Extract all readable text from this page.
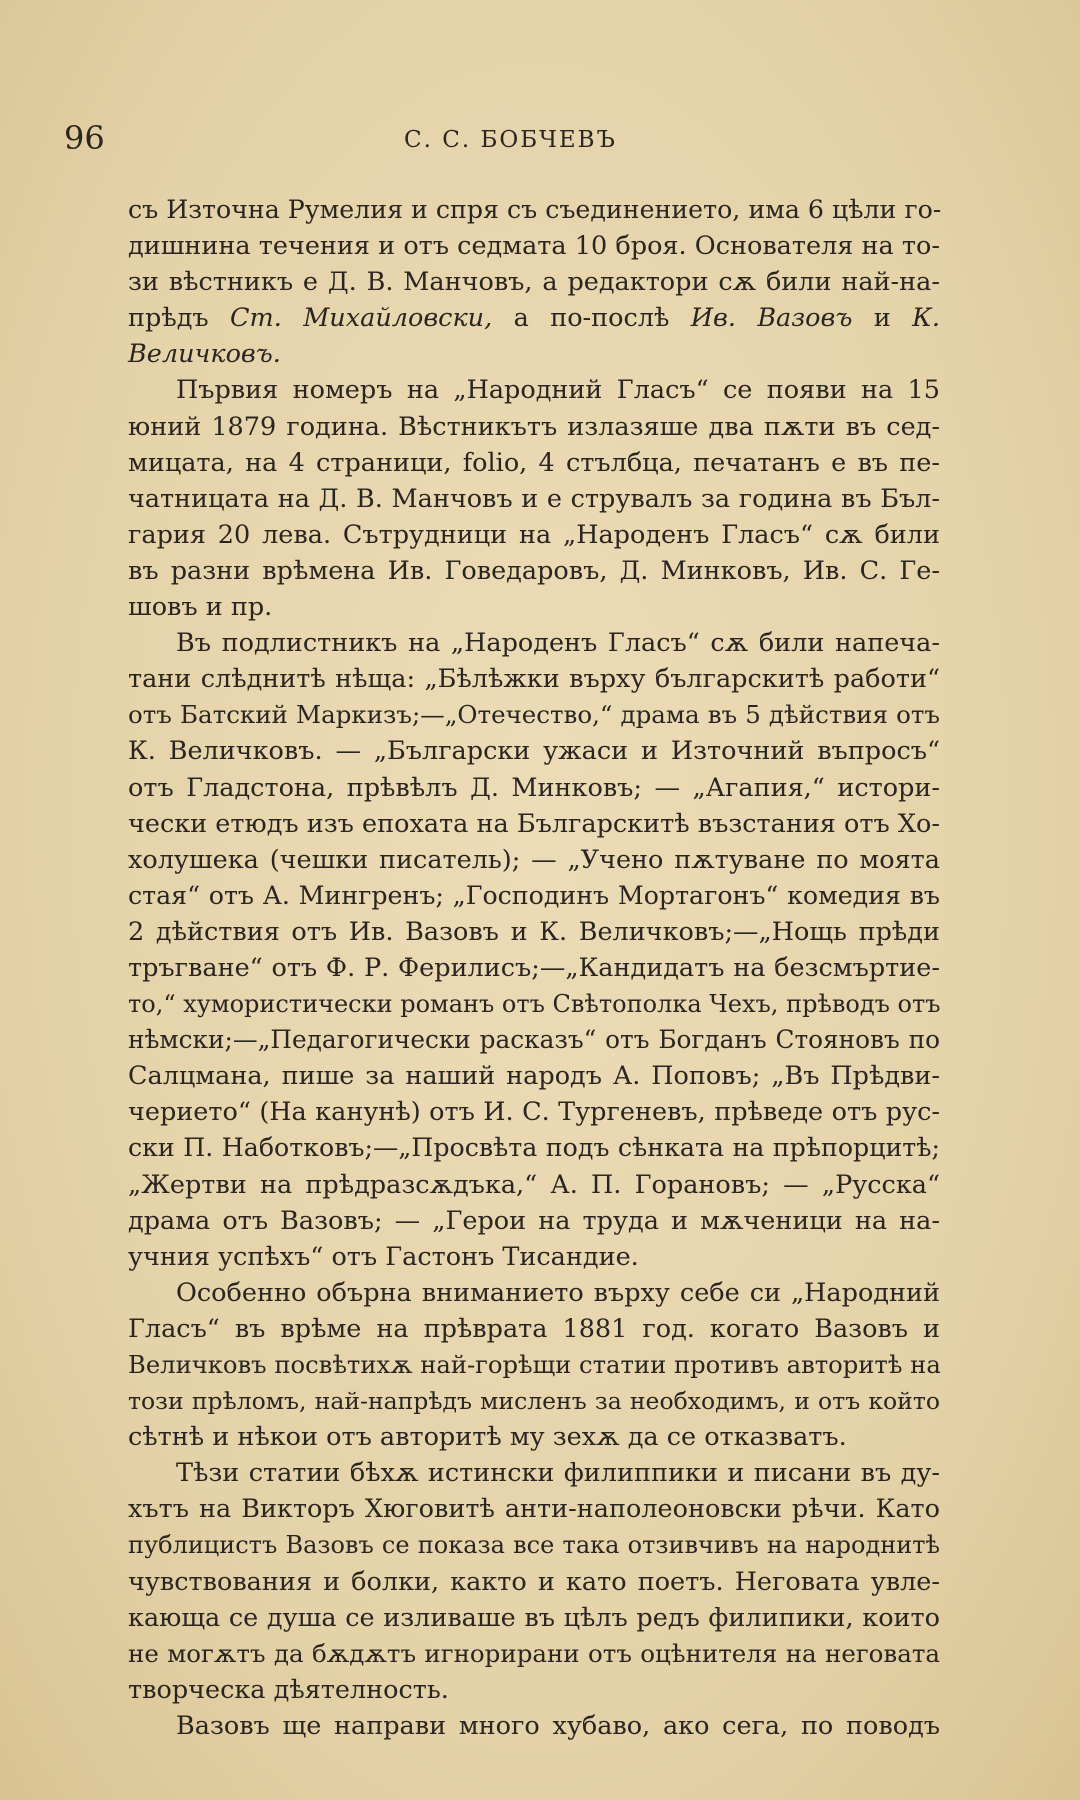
96	С. С. БОБЧЕВЪ
съ Източна Румелия и спря съ съединението, има 6 цѣли го-
дишнина течения и отъ седмата 10 броя. Основателя на то-
зи вѣстникъ е Д. В. Манчовъ, а редактори сѫ били най-на-
прѣдъ Ст. Михайловски, а по-послѣ Ив. Вазовъ и К.
Величковъ.
Първия номеръ на „Народний Гласъ“ се появи на 15
юний 1879 година. Вѣстникътъ излазяше два пѫти въ сед-
мицата, на 4 страници, folio, 4 стълбца, печатанъ е въ пе-
чатницата на Д. В. Манчовъ и е струвалъ за година въ Бъл-
гария 20 лева. Сътрудници на „Народенъ Гласъ“ сѫ били
въ разни врѣмена Ив. Говедаровъ, Д. Минковъ, Ив. С. Ге-
шовъ и пр.
Въ подлистникъ на „Народенъ Гласъ“ сѫ били напеча-
тани слѣднитѣ нѣща: „Бѣлѣжки върху българскитѣ работи“
отъ Батский Маркизъ;—„Отечество,“ драма въ 5 дѣйствия отъ
К. Величковъ. — „Български ужаси и Източний въпросъ“
отъ Гладстона, прѣвѣлъ Д. Минковъ; — „Агапия,“ истори-
чески етюдъ изъ епохата на Българскитѣ възстания отъ Хо-
холушека (чешки писатель); — „Учено пѫтуване по моята
стая“ отъ А. Мингренъ; „Господинъ Мортагонъ“ комедия въ
2 дѣйствия отъ Ив. Вазовъ и К. Величковъ;—„Нощь прѣди
тръгване“ отъ Ф. Р. Ферилисъ;—„Кандидатъ на безсмъртие-
то,“ хумористически романъ отъ Свѣтополка Чехъ, прѣводъ отъ
нѣмски;—„Педагогически расказъ“ отъ Богданъ Стояновъ по
Салцмана, пише за наший народъ А. Поповъ; „Въ Прѣдви-
черието“ (На канунѣ) отъ И. С. Тургеневъ, прѣведе отъ рус-
ски П. Наботковъ;—„Просвѣта подъ сѣнката на прѣпорцитѣ;
„Жертви на прѣдразсѫдъка,“ А. П. Горановъ; — „Русска“
драма отъ Вазовъ; — „Герои на труда и мѫченици на на-
учния успѣхъ“ отъ Гастонъ Тисандие.
Особенно обърна вниманието върху себе си „Народний
Гласъ“ въ врѣме на прѣврата 1881 год. когато Вазовъ и
Величковъ посвѣтихѫ най-горѣщи статии противъ авторитѣ на
този прѣломъ, най-напрѣдъ мисленъ за необходимъ, и отъ който
сѣтнѣ и нѣкои отъ авторитѣ му зехѫ да се отказватъ.
Тѣзи статии бѣхѫ истински филиппики и писани въ ду-
хътъ на Викторъ Хюговитѣ анти-наполеоновски рѣчи. Като
публицистъ Вазовъ се показа все така отзивчивъ на народнитѣ
чувствования и болки, както и като поетъ. Неговата увле-
кающа се душа се изливаше въ цѣлъ редъ филипики, които
не могѫтъ да бѫдѫтъ игнорирани отъ оцѣнителя на неговата
творческа дѣятелность.
Вазовъ ще направи много хубаво, ако сега, по поводъ
